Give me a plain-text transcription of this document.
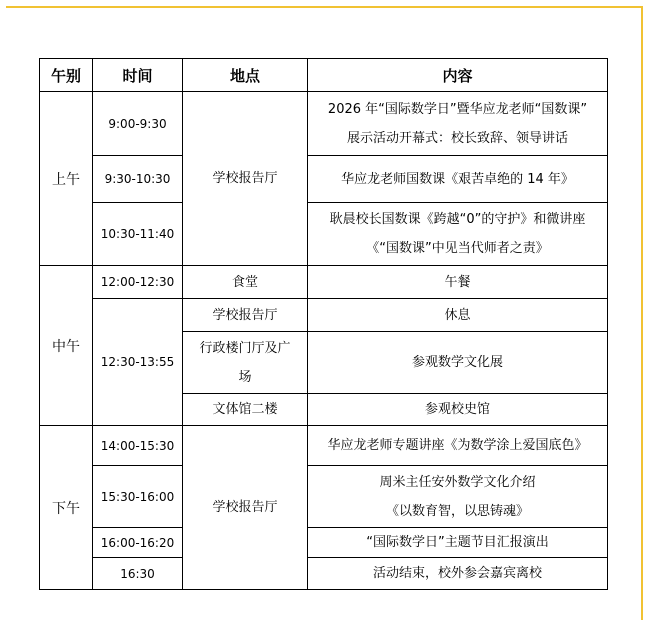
午别	时间	地点	内容
上午	9:00-9:30	学校报告厅	2026 年“国际数学日”暨华应龙老师“国数课”
展示活动开幕式：校长致辞、领导讲话

	9:30-10:30		华应龙老师国数课《艰苦卓绝的 14 年》

	10:30-11:40		耿晨校长国数课《跨越“0”的守护》和微讲座
《“国数课”中见当代师者之责》

中午	12:00-12:30	食堂	午餐

	12:30-13:55	学校报告厅	休息

		行政楼门厅及广
场	参观数学文化展

		文体馆二楼	参观校史馆

下午	14:00-15:30	学校报告厅	华应龙老师专题讲座《为数学涂上爱国底色》

	15:30-16:00		周米主任安外数学文化介绍
《以数育智，以思铸魂》

	16:00-16:20		“国际数学日”主题节目汇报演出

	16:30		活动结束，校外参会嘉宾离校
